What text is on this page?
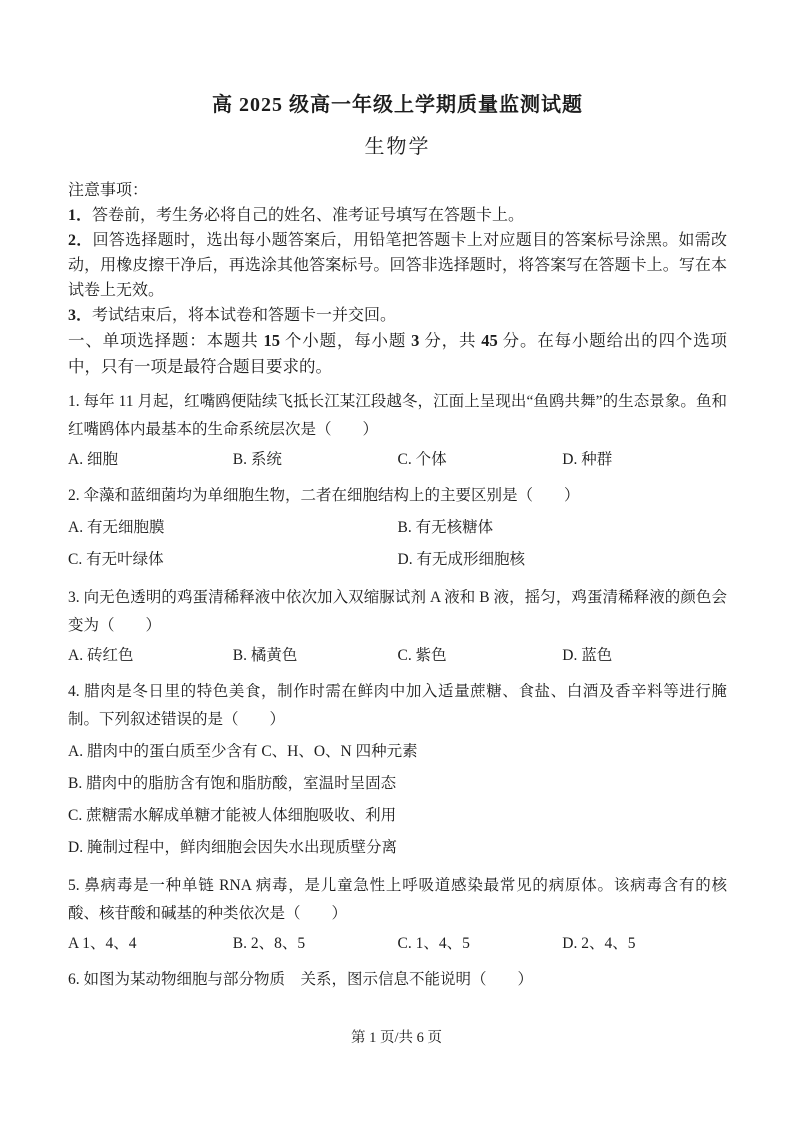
高 2025 级高一年级上学期质量监测试题
生物学
注意事项：
1．答卷前，考生务必将自己的姓名、准考证号填写在答题卡上。
2．回答选择题时，选出每小题答案后，用铅笔把答题卡上对应题目的答案标号涂黑。如需改动，用橡皮擦干净后，再选涂其他答案标号。回答非选择题时，将答案写在答题卡上。写在本试卷上无效。
3．考试结束后，将本试卷和答题卡一并交回。
一、单项选择题：本题共 15 个小题，每小题 3 分，共 45 分。在每小题给出的四个选项中，只有一项是最符合题目要求的。
1. 每年 11 月起，红嘴鸥便陆续飞抵长江某江段越冬，江面上呈现出“鱼鸥共舞”的生态景象。鱼和红嘴鸥体内最基本的生命系统层次是（　　）
A. 细胞	B. 系统	C. 个体	D. 种群
2. 伞藻和蓝细菌均为单细胞生物，二者在细胞结构上的主要区别是（　　）
A. 有无细胞膜	B. 有无核糖体
C. 有无叶绿体	D. 有无成形细胞核
3. 向无色透明的鸡蛋清稀释液中依次加入双缩脲试剂 A 液和 B 液，摇匀，鸡蛋清稀释液的颜色会变为（　　）
A. 砖红色	B. 橘黄色	C. 紫色	D. 蓝色
4. 腊肉是冬日里的特色美食，制作时需在鲜肉中加入适量蔗糖、食盐、白酒及香辛料等进行腌制。下列叙述错误的是（　　）
A. 腊肉中的蛋白质至少含有 C、H、O、N 四种元素
B. 腊肉中的脂肪含有饱和脂肪酸，室温时呈固态
C. 蔗糖需水解成单糖才能被人体细胞吸收、利用
D. 腌制过程中，鲜肉细胞会因失水出现质壁分离
5. 鼻病毒是一种单链 RNA 病毒，是儿童急性上呼吸道感染最常见的病原体。该病毒含有的核酸、核苷酸和碱基的种类依次是（　　）
A 1、4、4	B. 2、8、5	C. 1、4、5	D. 2、4、5
6. 如图为某动物细胞与部分物质　关系，图示信息不能说明（　　）
第 1 页/共 6 页
